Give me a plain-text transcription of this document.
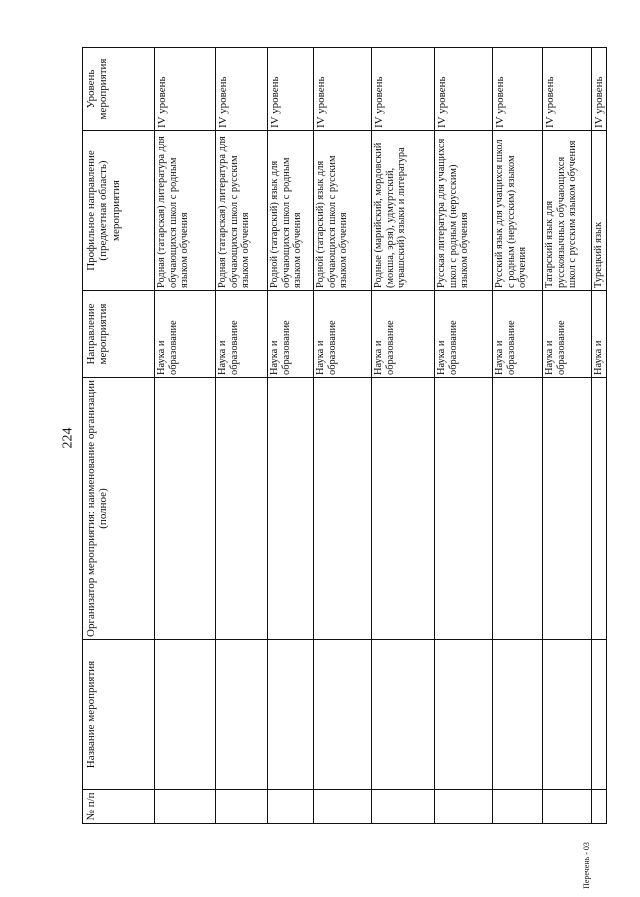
224
№ п/п	Название мероприятия	Организатор мероприятия: наименование организации (полное)	Направление мероприятия	Профильное направление (предметная область) мероприятия	Уровень мероприятия
			Наука и образование	Родная (татарская) литература для обучающихся школ с родным языком обучения	IV уровень
			Наука и образование	Родная (татарская) литература для обучающихся школ с русским языком обучения	IV уровень
			Наука и образование	Родной (татарский) язык для обучающихся школ с родным языком обучения	IV уровень
			Наука и образование	Родной (татарский) язык для обучающихся школ с русским языком обучения	IV уровень
			Наука и образование	Родные (марийский, мордовский (мокша, эрзя), удмуртский, чувашский) языки и литература	IV уровень
			Наука и образование	Русская литература для учащихся школ с родным (нерусским) языком обучения	IV уровень
			Наука и образование	Русский язык для учащихся школ с родным (нерусским) языком обучения	IV уровень
			Наука и образование	Татарский язык для русскоязычных обучающихся школ с русским языком обучения	IV уровень
			Наука и	Турецкий язык	IV уровень
Перечень - 03
